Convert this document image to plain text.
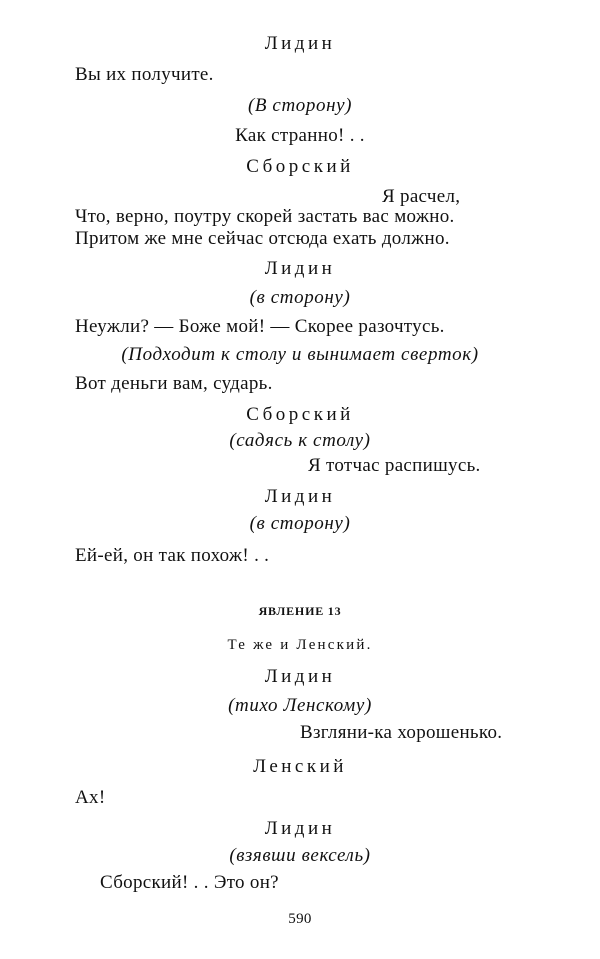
Лидин
Вы их получите.
(В сторону)
Как странно! . .
Сборский
Я расчел,
Что, верно, поутру скорей застать вас можно.
Притом же мне сейчас отсюда ехать должно.
Лидин
(в сторону)
Неужли? — Боже мой! — Скорее разочтусь.
(Подходит к столу и вынимает сверток)
Вот деньги вам, сударь.
Сборский
(садясь к столу)
Я тотчас распишусь.
Лидин
(в сторону)
Ей-ей, он так похож! . .
ЯВЛЕНИЕ 13
Те же и Ленский.
Лидин
(тихо Ленскому)
Взгляни-ка хорошенько.
Ленский
Ах!
Лидин
(взявши вексель)
Сборский! . . Это он?
590
